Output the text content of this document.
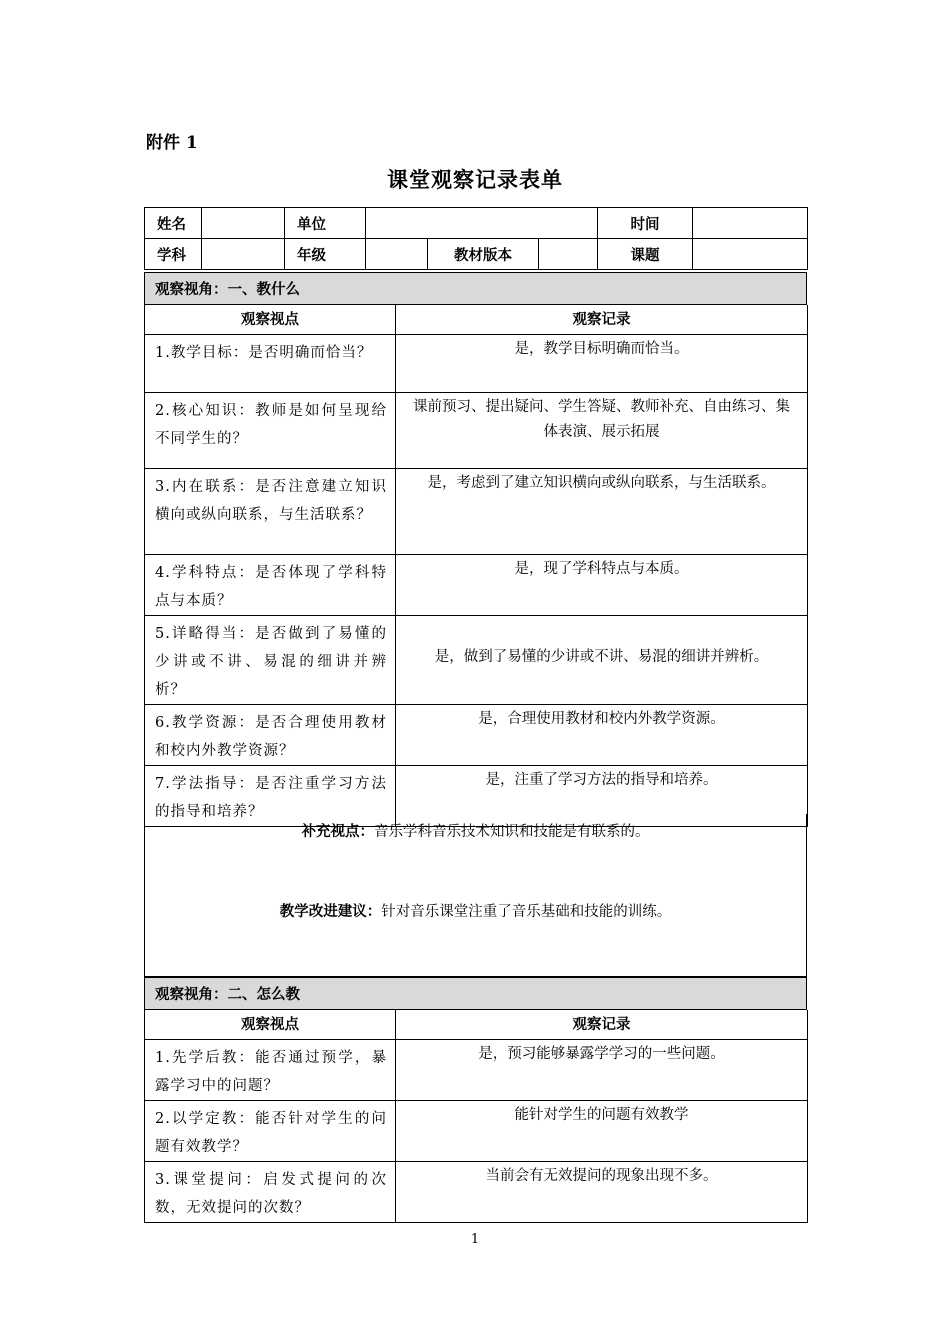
附件 1
课堂观察记录表单
姓名		单位				时间	
学科		年级		教材版本		课题	
观察视角：一、教什么
观察视点	观察记录
1.教学目标：是否明确而恰当？	是，教学目标明确而恰当。
2.核心知识：教师是如何呈现给不同学生的？	课前预习、提出疑问、学生答疑、教师补充、自由练习、集体表演、展示拓展
3.内在联系：是否注意建立知识横向或纵向联系，与生活联系？	是，考虑到了建立知识横向或纵向联系，与生活联系。
4.学科特点：是否体现了学科特点与本质？	是，现了学科特点与本质。
5.详略得当：是否做到了易懂的少讲或不讲、易混的细讲并辨析？	是，做到了易懂的少讲或不讲、易混的细讲并辨析。
6.教学资源：是否合理使用教材和校内外教学资源？	是，合理使用教材和校内外教学资源。
7.学法指导：是否注重学习方法的指导和培养？	是，注重了学习方法的指导和培养。
补充视点：音乐学科音乐技术知识和技能是有联系的。
教学改进建议：针对音乐课堂注重了音乐基础和技能的训练。
观察视角：二、怎么教
观察视点	观察记录
1.先学后教：能否通过预学，暴露学习中的问题？	是，预习能够暴露学学习的一些问题。
2.以学定教：能否针对学生的问题有效教学？	能针对学生的问题有效教学
3.课堂提问：启发式提问的次数，无效提问的次数？	当前会有无效提问的现象出现不多。
1
